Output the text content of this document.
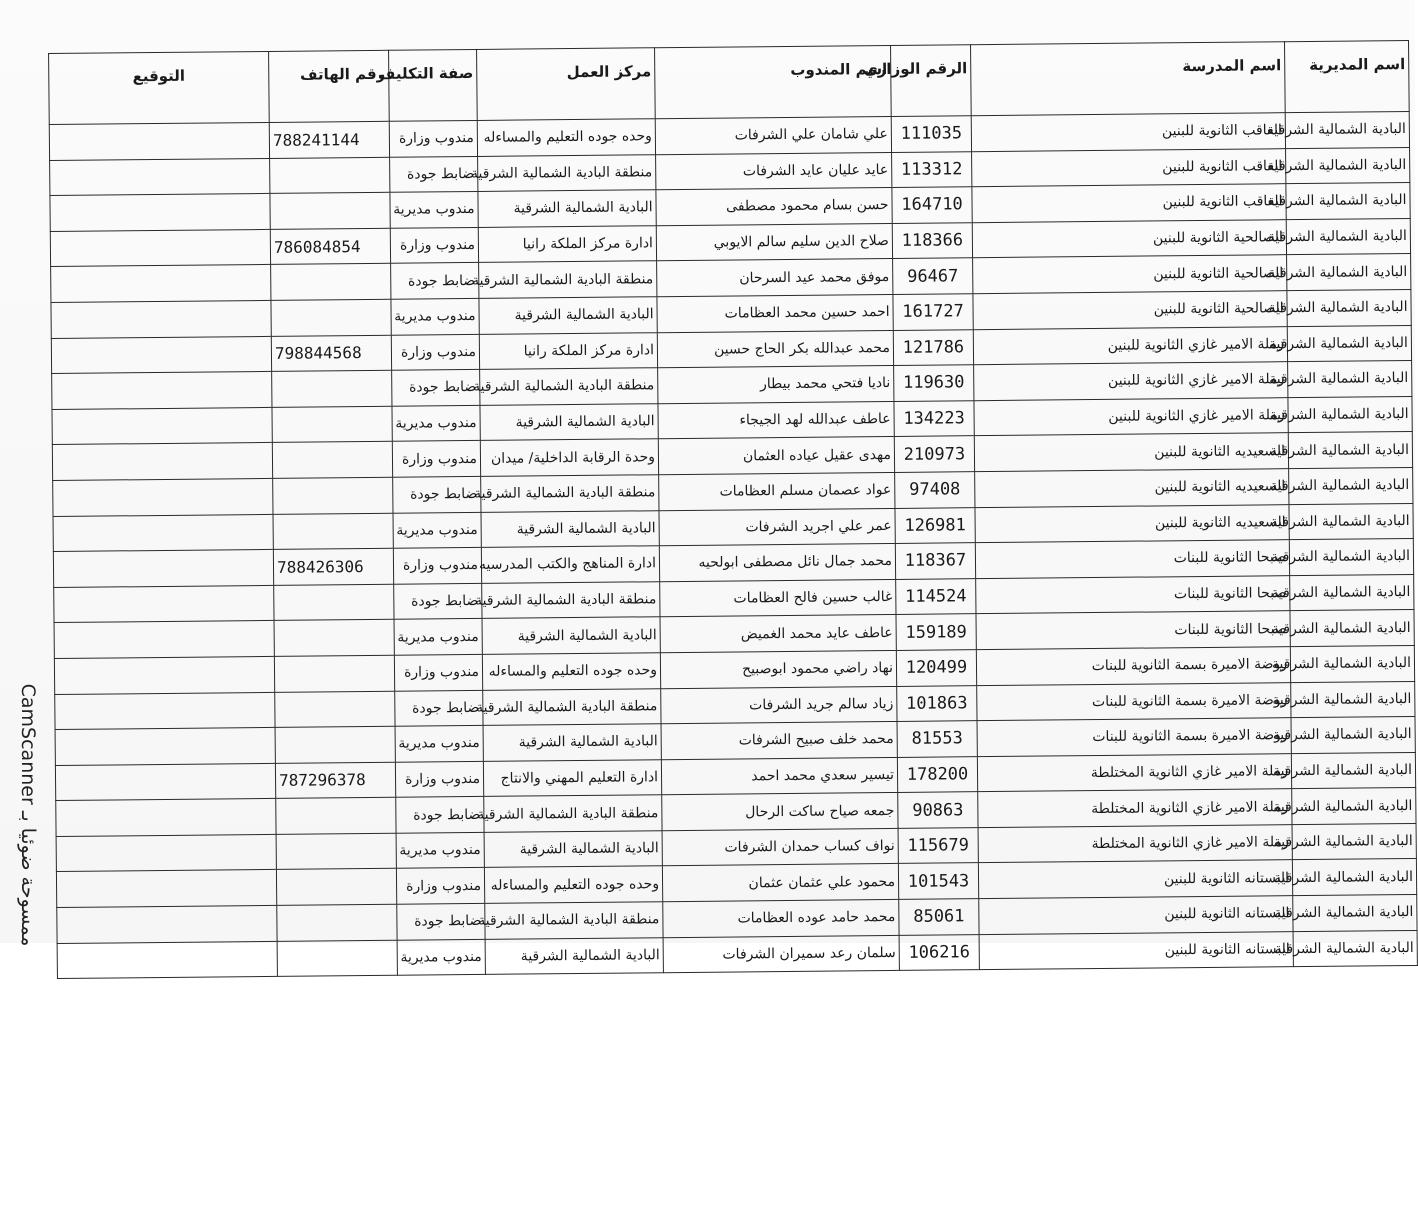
اسم المديرية	اسم المدرسة	الرقم الوزاري	اسم المندوب	مركز العمل	صفة التكليف	رقم الهاتف	التوقيع
البادية الشمالية الشرقية	العاقب الثانوية للبنين	111035	علي شامان علي الشرفات	وحده جوده التعليم والمساءله	مندوب وزارة	788241144	
البادية الشمالية الشرقية	العاقب الثانوية للبنين	113312	عايد عليان عايد الشرفات	منطقة البادية الشمالية الشرقية	ضابط جودة		
البادية الشمالية الشرقية	العاقب الثانوية للبنين	164710	حسن بسام محمود مصطفى	البادية الشمالية الشرقية	مندوب مديرية		
البادية الشمالية الشرقية	الصالحية الثانوية للبنين	118366	صلاح الدين سليم سالم الايوبي	ادارة مركز الملكة رانيا	مندوب وزارة	786084854	
البادية الشمالية الشرقية	الصالحية الثانوية للبنين	96467	موفق محمد عيد السرحان	منطقة البادية الشمالية الشرقية	ضابط جودة		
البادية الشمالية الشرقية	الصالحية الثانوية للبنين	161727	احمد حسين محمد العظامات	البادية الشمالية الشرقية	مندوب مديرية		
البادية الشمالية الشرقية	زملة الامير غازي الثانوية للبنين	121786	محمد عبدالله بكر الحاج حسين	ادارة مركز الملكة رانيا	مندوب وزارة	798844568	
البادية الشمالية الشرقية	زملة الامير غازي الثانوية للبنين	119630	ناديا فتحي محمد بيطار	منطقة البادية الشمالية الشرقية	ضابط جودة		
البادية الشمالية الشرقية	زملة الامير غازي الثانوية للبنين	134223	عاطف عبدالله لهد الجيجاء	البادية الشمالية الشرقية	مندوب مديرية		
البادية الشمالية الشرقية	السعيديه الثانوية للبنين	210973	مهدى عقيل عياده العثمان	وحدة الرقابة الداخلية/ ميدان	مندوب وزارة		
البادية الشمالية الشرقية	السعيديه الثانوية للبنين	97408	عواد عصمان مسلم العظامات	منطقة البادية الشمالية الشرقية	ضابط جودة		
البادية الشمالية الشرقية	السعيديه الثانوية للبنين	126981	عمر علي اجريد الشرفات	البادية الشمالية الشرقية	مندوب مديرية		
البادية الشمالية الشرقية	صبحا الثانوية للبنات	118367	محمد جمال نائل مصطفى ابولحيه	ادارة المناهج والكتب المدرسيه	مندوب وزارة	788426306	
البادية الشمالية الشرقية	صبحا الثانوية للبنات	114524	غالب حسين فالح العظامات	منطقة البادية الشمالية الشرقية	ضابط جودة		
البادية الشمالية الشرقية	صبحا الثانوية للبنات	159189	عاطف عايد محمد الغميض	البادية الشمالية الشرقية	مندوب مديرية		
البادية الشمالية الشرقية	روضة الاميرة بسمة الثانوية للبنات	120499	نهاد راضي محمود ابوصبيح	وحده جوده التعليم والمساءله	مندوب وزارة		
البادية الشمالية الشرقية	روضة الاميرة بسمة الثانوية للبنات	101863	زياد سالم جريد الشرفات	منطقة البادية الشمالية الشرقية	ضابط جودة		
البادية الشمالية الشرقية	روضة الاميرة بسمة الثانوية للبنات	81553	محمد خلف صبيح الشرفات	البادية الشمالية الشرقية	مندوب مديرية		
البادية الشمالية الشرقية	زملة الامير غازي الثانوية المختلطة	178200	تيسير سعدي محمد احمد	ادارة التعليم المهني والانتاج	مندوب وزارة	787296378	
البادية الشمالية الشرقية	زملة الامير غازي الثانوية المختلطة	90863	جمعه صياح ساكت الرحال	منطقة البادية الشمالية الشرقية	ضابط جودة		
البادية الشمالية الشرقية	زملة الامير غازي الثانوية المختلطة	115679	نواف كساب حمدان الشرفات	البادية الشمالية الشرقية	مندوب مديرية		
البادية الشمالية الشرقية	البستانه الثانوية للبنين	101543	محمود علي عثمان عثمان	وحده جوده التعليم والمساءله	مندوب وزارة		
البادية الشمالية الشرقية	البستانه الثانوية للبنين	85061	محمد حامد عوده العظامات	منطقة البادية الشمالية الشرقية	ضابط جودة		
البادية الشمالية الشرقية	البستانه الثانوية للبنين	106216	سلمان رعد سميران الشرفات	البادية الشمالية الشرقية	مندوب مديرية		
ممسوحة ضوئيا بـ CamScanner
